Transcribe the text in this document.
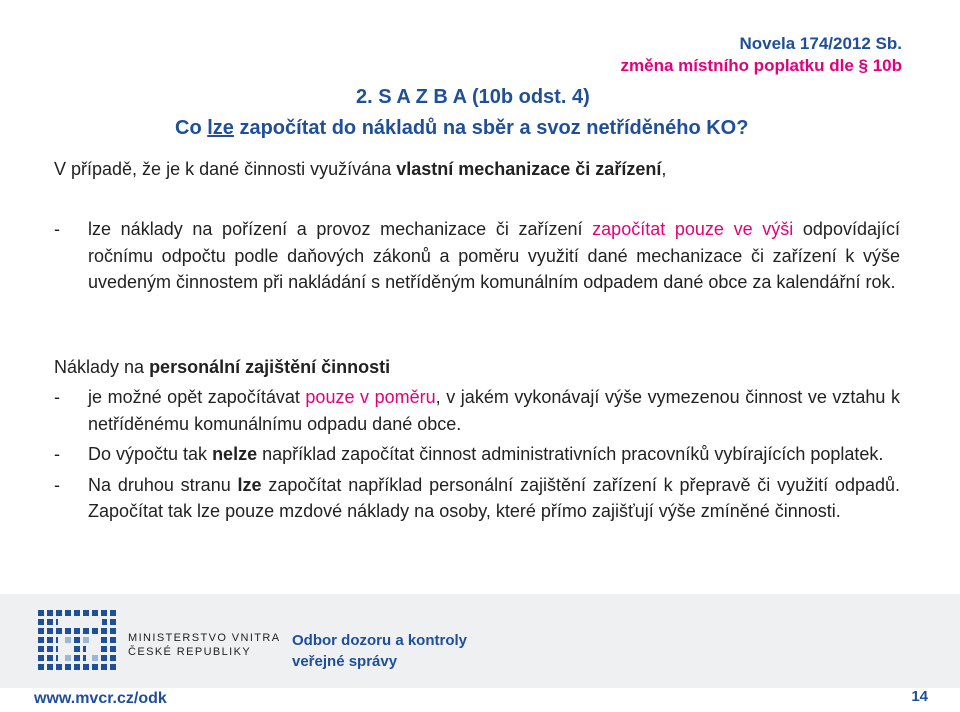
Novela 174/2012 Sb.
změna místního poplatku dle § 10b
2. S A Z B A (10b odst. 4)
Co lze započítat do nákladů na sběr a svoz netříděného KO?
V případě, že je k dané činnosti využívána vlastní mechanizace či zařízení,
- lze náklady na pořízení a provoz mechanizace či zařízení započítat pouze ve výši odpovídající ročnímu odpočtu podle daňových zákonů a poměru využití dané mechanizace či zařízení k výše uvedeným činnostem při nakládání s netříděným komunálním odpadem dané obce za kalendářní rok.
Náklady na personální zajištění činnosti
- je možné opět započítávat pouze v poměru, v jakém vykonávají výše vymezenou činnost ve vztahu k netříděnému komunálnímu odpadu dané obce.
- Do výpočtu tak nelze například započítat činnost administrativních pracovníků vybírajících poplatek.
- Na druhou stranu lze započítat například personální zajištění zařízení k přepravě či využití odpadů. Započítat tak lze pouze mzdové náklady na osoby, které přímo zajišťují výše zmíněné činnosti.
MINISTERSTVO VNITRA
ČESKÉ REPUBLIKY
Odbor dozoru a kontroly
veřejné správy
www.mvcr.cz/odk	14
